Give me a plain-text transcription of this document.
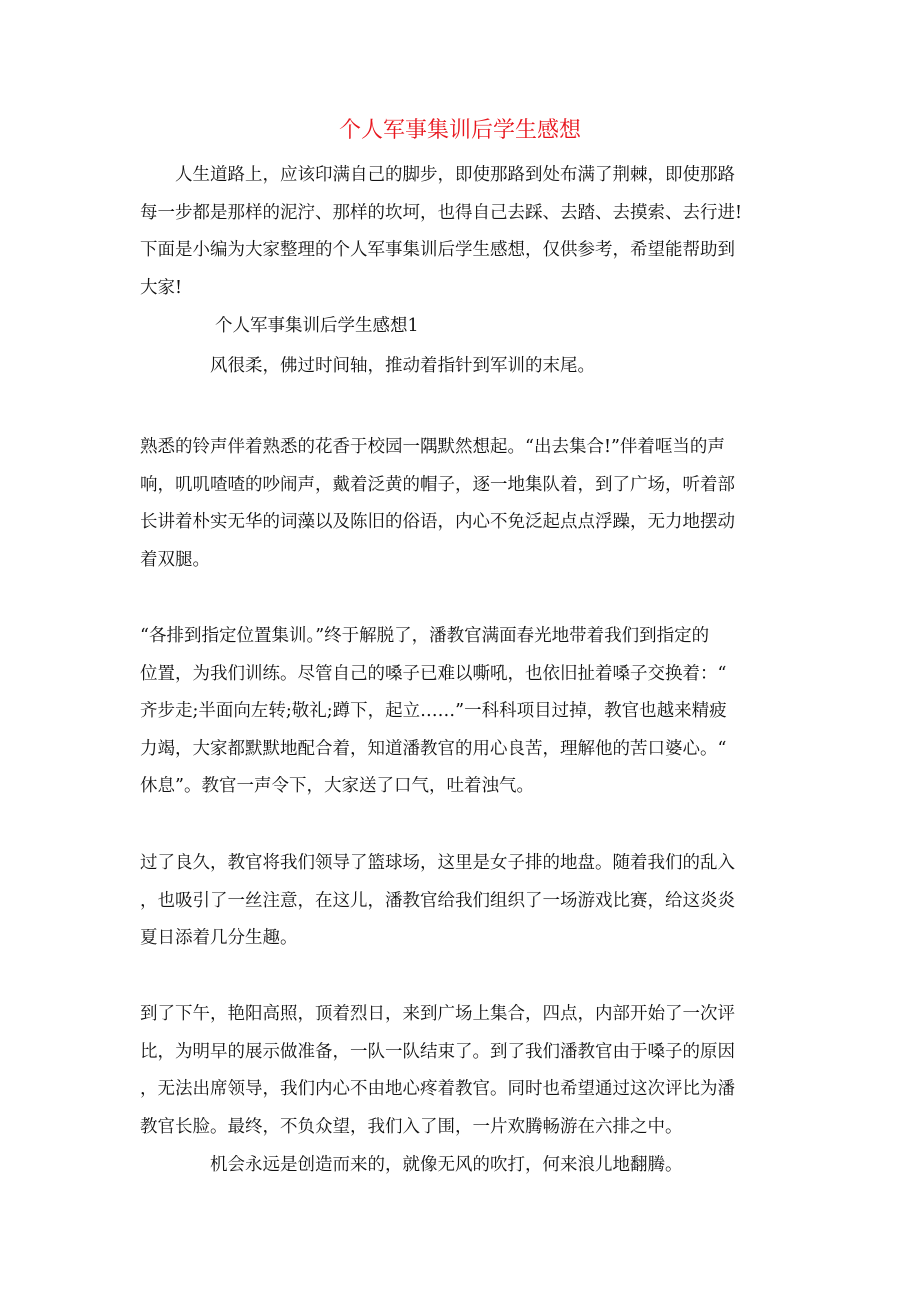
个人军事集训后学生感想
人生道路上，应该印满自己的脚步，即使那路到处布满了荆棘，即使那路
每一步都是那样的泥泞、那样的坎坷，也得自己去踩、去踏、去摸索、去行进!
下面是小编为大家整理的个人军事集训后学生感想，仅供参考，希望能帮助到
大家!
个人军事集训后学生感想1
风很柔，佛过时间轴，推动着指针到军训的末尾。
熟悉的铃声伴着熟悉的花香于校园一隅默然想起。“出去集合!”伴着哐当的声
响，叽叽喳喳的吵闹声，戴着泛黄的帽子，逐一地集队着，到了广场，听着部
长讲着朴实无华的词藻以及陈旧的俗语，内心不免泛起点点浮躁，无力地摆动
着双腿。
“各排到指定位置集训。”终于解脱了，潘教官满面春光地带着我们到指定的
位置，为我们训练。尽管自己的嗓子已难以嘶吼，也依旧扯着嗓子交换着：“
齐步走;半面向左转;敬礼;蹲下，起立……”一科科项目过掉，教官也越来精疲
力竭，大家都默默地配合着，知道潘教官的用心良苦，理解他的苦口婆心。“
休息”。教官一声令下，大家送了口气，吐着浊气。
过了良久，教官将我们领导了篮球场，这里是女子排的地盘。随着我们的乱入
，也吸引了一丝注意，在这儿，潘教官给我们组织了一场游戏比赛，给这炎炎
夏日添着几分生趣。
到了下午，艳阳高照，顶着烈日，来到广场上集合，四点，内部开始了一次评
比，为明早的展示做准备，一队一队结束了。到了我们潘教官由于嗓子的原因
，无法出席领导，我们内心不由地心疼着教官。同时也希望通过这次评比为潘
教官长脸。最终，不负众望，我们入了围，一片欢腾畅游在六排之中。
机会永远是创造而来的，就像无风的吹打，何来浪儿地翻腾。
